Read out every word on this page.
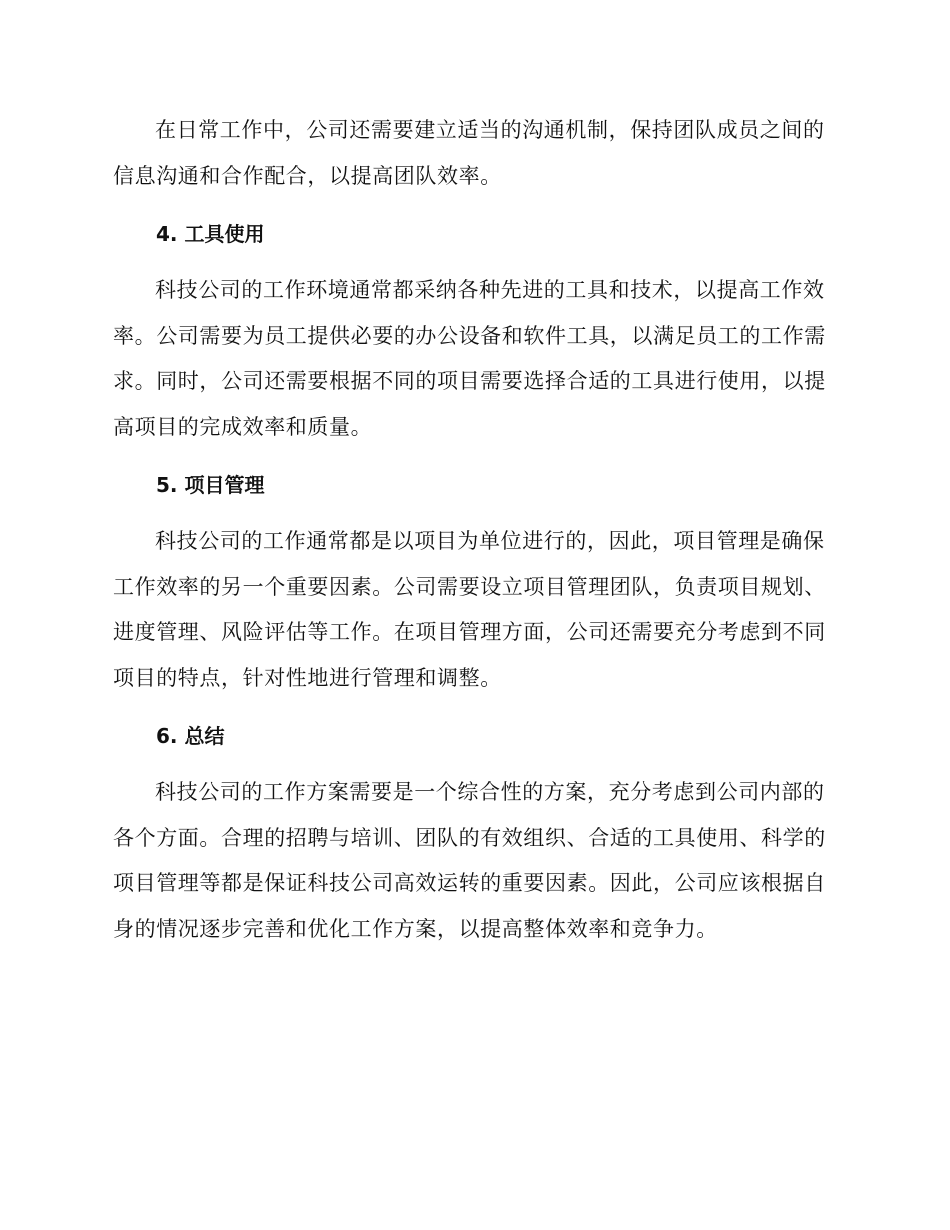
在日常工作中，公司还需要建立适当的沟通机制，保持团队成员之间的信息沟通和合作配合，以提高团队效率。

4. 工具使用

科技公司的工作环境通常都采纳各种先进的工具和技术，以提高工作效率。公司需要为员工提供必要的办公设备和软件工具，以满足员工的工作需求。同时，公司还需要根据不同的项目需要选择合适的工具进行使用，以提高项目的完成效率和质量。

5. 项目管理

科技公司的工作通常都是以项目为单位进行的，因此，项目管理是确保工作效率的另一个重要因素。公司需要设立项目管理团队，负责项目规划、进度管理、风险评估等工作。在项目管理方面，公司还需要充分考虑到不同项目的特点，针对性地进行管理和调整。

6. 总结

科技公司的工作方案需要是一个综合性的方案，充分考虑到公司内部的各个方面。合理的招聘与培训、团队的有效组织、合适的工具使用、科学的项目管理等都是保证科技公司高效运转的重要因素。因此，公司应该根据自身的情况逐步完善和优化工作方案，以提高整体效率和竞争力。
